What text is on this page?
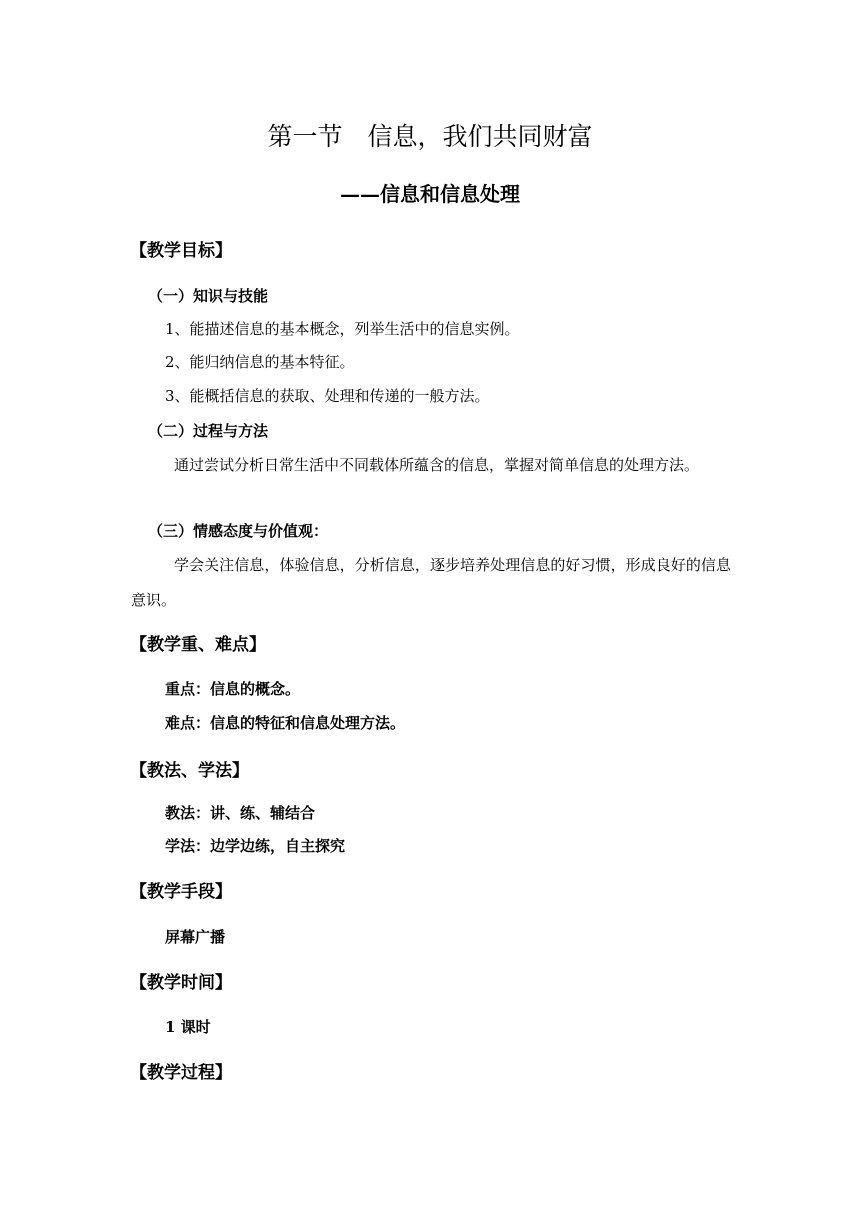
第一节　信息，我们共同财富
——信息和信息处理
【教学目标】
（一）知识与技能
1、能描述信息的基本概念，列举生活中的信息实例。
2、能归纳信息的基本特征。
3、能概括信息的获取、处理和传递的一般方法。
（二）过程与方法
通过尝试分析日常生活中不同载体所蕴含的信息，掌握对简单信息的处理方法。
（三）情感态度与价值观：
学会关注信息，体验信息，分析信息，逐步培养处理信息的好习惯，形成良好的信息意识。
【教学重、难点】
重点：信息的概念。
难点：信息的特征和信息处理方法。
【教法、学法】
教法：讲、练、辅结合
学法：边学边练，自主探究
【教学手段】
屏幕广播
【教学时间】
1 课时
【教学过程】
